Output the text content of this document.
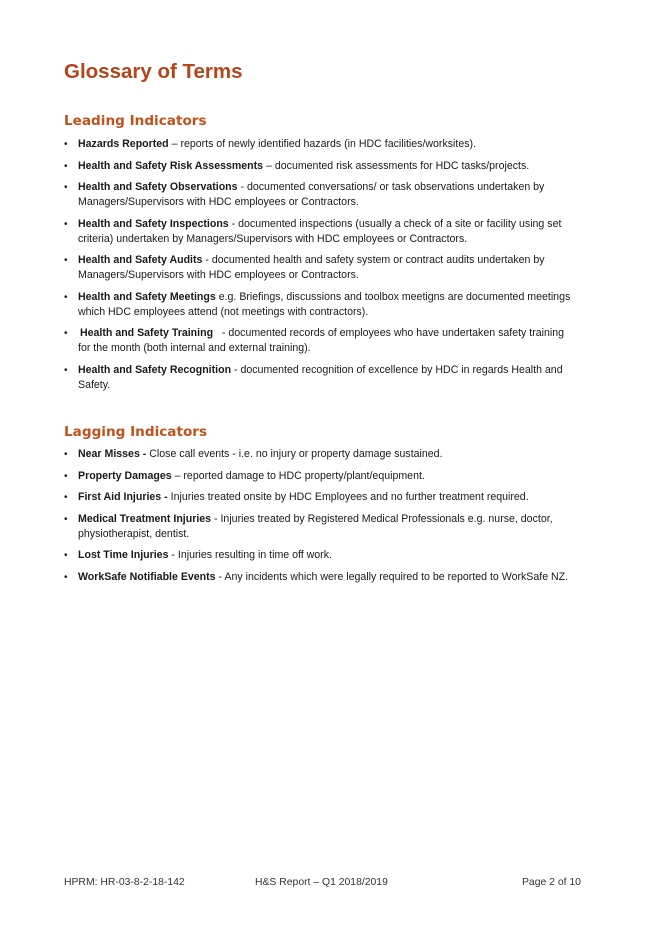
Glossary of Terms
Leading Indicators
• Hazards Reported – reports of newly identified hazards (in HDC facilities/worksites).
• Health and Safety Risk Assessments – documented risk assessments for HDC tasks/projects.
• Health and Safety Observations - documented conversations/ or task observations undertaken by Managers/Supervisors with HDC employees or Contractors.
• Health and Safety Inspections - documented inspections (usually a check of a site or facility using set criteria) undertaken by Managers/Supervisors with HDC employees or Contractors.
• Health and Safety Audits - documented health and safety system or contract audits undertaken by Managers/Supervisors with HDC employees or Contractors.
• Health and Safety Meetings e.g. Briefings, discussions and toolbox meetigns are documented meetings which HDC employees attend (not meetings with contractors).
• Health and Safety Training   - documented records of employees who have undertaken safety training for the month (both internal and external training).
• Health and Safety Recognition - documented recognition of excellence by HDC in regards Health and Safety.
Lagging Indicators
• Near Misses - Close call events - i.e. no injury or property damage sustained.
• Property Damages – reported damage to HDC property/plant/equipment.
• First Aid Injuries - Injuries treated onsite by HDC Employees and no further treatment required.
• Medical Treatment Injuries - Injuries treated by Registered Medical Professionals e.g. nurse, doctor, physiotherapist, dentist.
• Lost Time Injuries - Injuries resulting in time off work.
• WorkSafe Notifiable Events - Any incidents which were legally required to be reported to WorkSafe NZ.
HPRM: HR-03-8-2-18-142	H&S Report – Q1 2018/2019	Page 2 of 10
